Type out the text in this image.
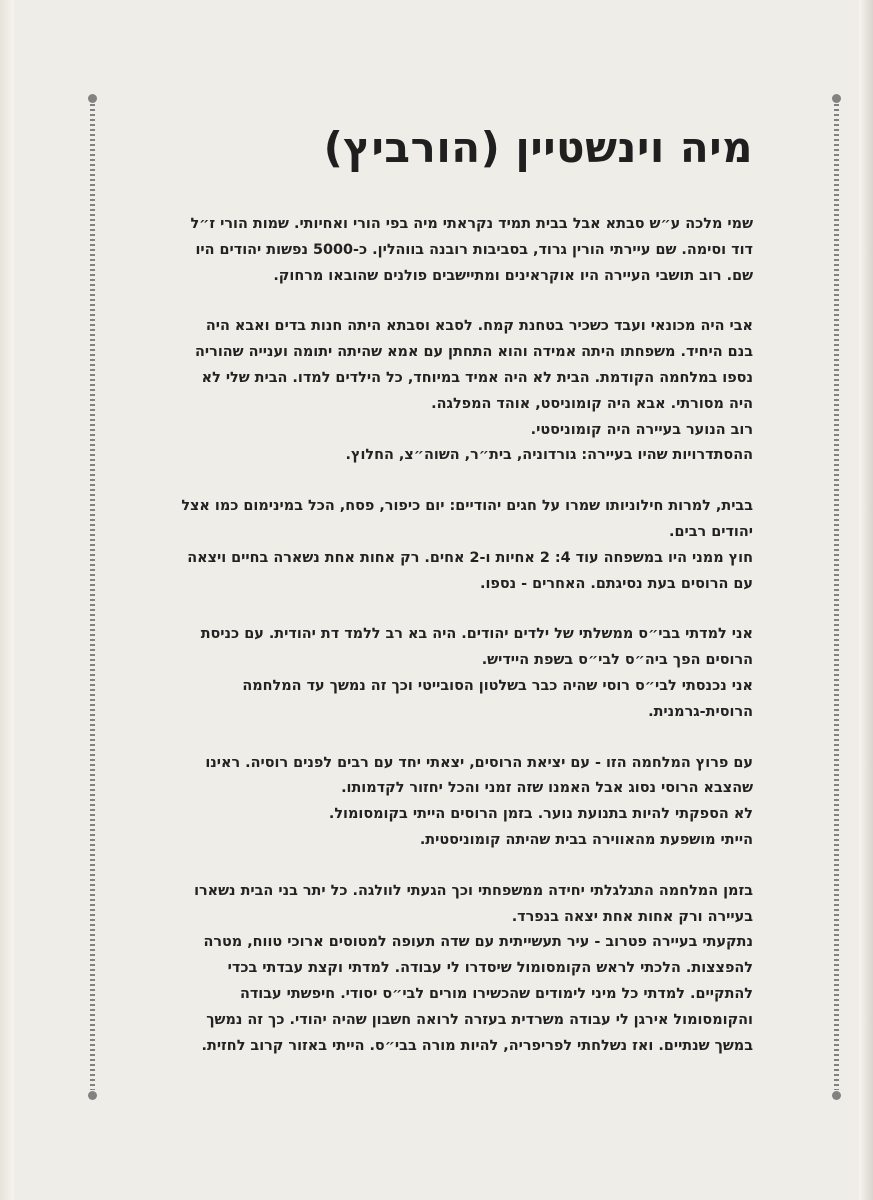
מיה וינשטיין (הורביץ)

שמי מלכה ע״ש סבתא אבל בבית תמיד נקראתי מיה בפי הורי ואחיותי. שמות הורי ז״ל
דוד וסימה. שם עיירתי הורין גרוד, בסביבות רובנה בווהלין. כ-5000 נפשות יהודים היו
שם. רוב תושבי העיירה היו אוקראינים ומתיישבים פולנים שהובאו מרחוק.

אבי היה מכונאי ועבד כשכיר בטחנת קמח. לסבא וסבתא היתה חנות בדים ואבא היה
בנם היחיד. משפחתו היתה אמידה והוא התחתן עם אמא שהיתה יתומה וענייה שהוריה
נספו במלחמה הקודמת. הבית לא היה אמיד במיוחד, כל הילדים למדו. הבית שלי לא
היה מסורתי. אבא היה קומוניסט, אוהד המפלגה.
רוב הנוער בעיירה היה קומוניסטי.
ההסתדרויות שהיו בעיירה: גורדוניה, בית״ר, השוה״צ, החלוץ.

בבית, למרות חילוניותו שמרו על חגים יהודיים: יום כיפור, פסח, הכל במינימום כמו אצל
יהודים רבים.
חוץ ממני היו במשפחה עוד 4: 2 אחיות ו-2 אחים. רק אחות אחת נשארה בחיים ויצאה
עם הרוסים בעת נסיגתם. האחרים - נספו.

אני למדתי בבי״ס ממשלתי של ילדים יהודים. היה בא רב ללמד דת יהודית. עם כניסת
הרוסים הפך ביה״ס לבי״ס בשפת היידיש.
אני נכנסתי לבי״ס רוסי שהיה כבר בשלטון הסובייטי וכך זה נמשך עד המלחמה
הרוסית-גרמנית.

עם פרוץ המלחמה הזו - עם יציאת הרוסים, יצאתי יחד עם רבים לפנים רוסיה. ראינו
שהצבא הרוסי נסוג אבל האמנו שזה זמני והכל יחזור לקדמותו.
לא הספקתי להיות בתנועת נוער. בזמן הרוסים הייתי בקומסומול.
הייתי מושפעת מהאווירה בבית שהיתה קומוניסטית.

בזמן המלחמה התגלגלתי יחידה ממשפחתי וכך הגעתי לוולגה. כל יתר בני הבית נשארו
בעיירה ורק אחות אחת יצאה בנפרד.
נתקעתי בעיירה פטרוב - עיר תעשייתית עם שדה תעופה למטוסים ארוכי טווח, מטרה
להפצצות. הלכתי לראש הקומסומול שיסדרו לי עבודה. למדתי וקצת עבדתי בכדי
להתקיים. למדתי כל מיני לימודים שהכשירו מורים לבי״ס יסודי. חיפשתי עבודה
והקומסומול אירגן לי עבודה משרדית בעזרה לרואה חשבון שהיה יהודי. כך זה נמשך
במשך שנתיים. ואז נשלחתי לפריפריה, להיות מורה בבי״ס. הייתי באזור קרוב לחזית.
